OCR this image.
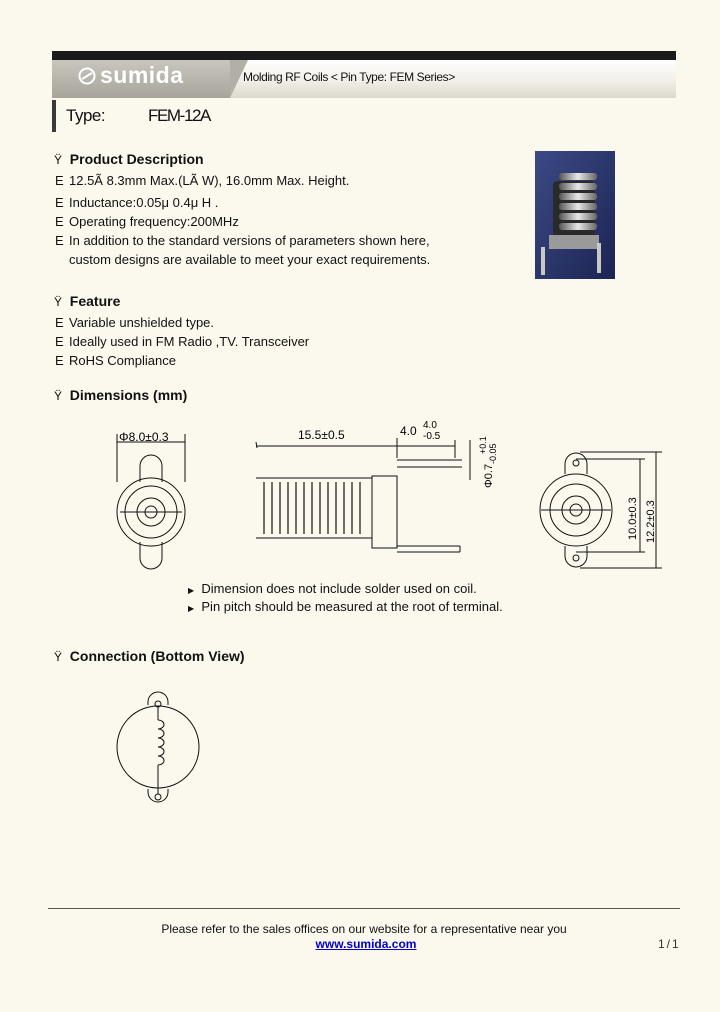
sumida	Molding RF Coils < Pin Type: FEM Series>
Type:	FEM-12A
Ÿ Product Description
E 12.5Ã 8.3mm Max.(LÃ W), 16.0mm Max. Height.
E Inductance:0.05μ 0.4μ H .
E Operating frequency:200MHz
E In addition to the standard versions of parameters shown here,
custom designs are available to meet your exact requirements.
Ÿ Feature
E Variable unshielded type.
E Ideally used in FM Radio ,TV. Transceiver
E RoHS Compliance
Ÿ Dimensions (mm)
Φ8.0±0.3	15.5±0.5	4.0 4.0
-0.5
Φ0.7
+0.1 -0.05
10.0±0.3 12.2±0.3
▶ Dimension does not include solder used on coil.
▶ Pin pitch should be measured at the root of terminal.
Ÿ Connection (Bottom View)
Please refer to the sales offices on our website for a representative near you
www.sumida.com	1/1
